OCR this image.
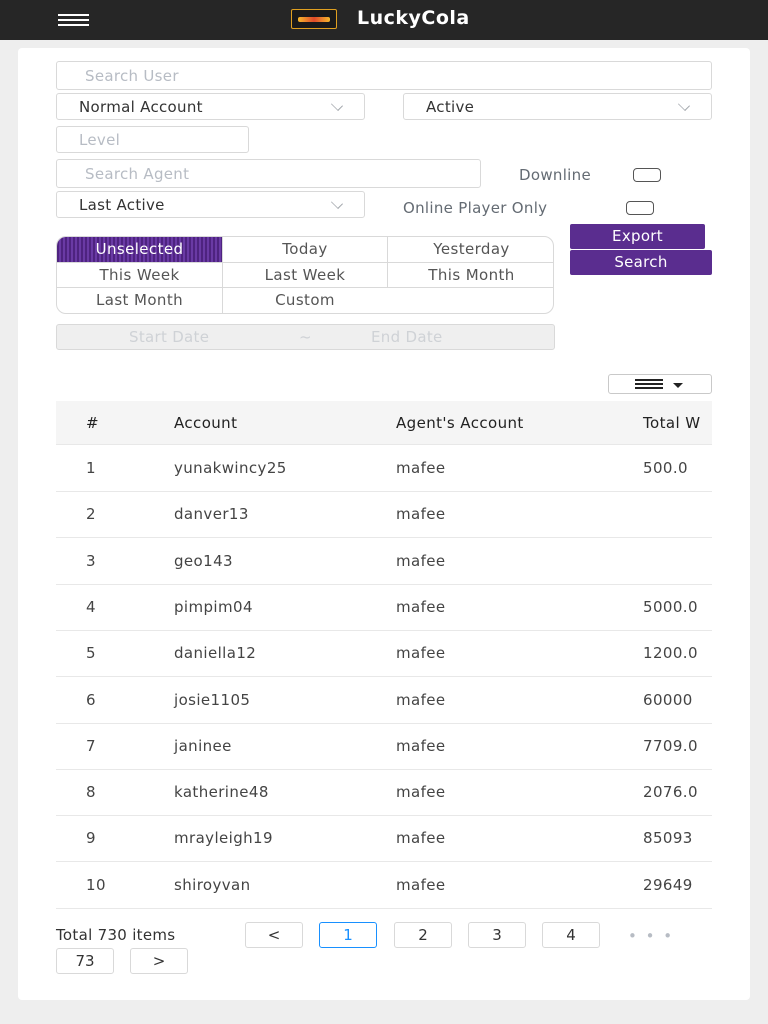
LuckyCola
Search User
Normal Account	Active
Level
Search Agent	Downline
Last Active	Online Player Only
Unselected	Today	Yesterday
This Week	Last Week	This Month
Last Month	Custom
Export
Search
Start Date	~	End Date
#	Account	Agent's Account	Total W
1	yunakwincy25	mafee	500.0
2	danver13	mafee
3	geo143	mafee
4	pimpim04	mafee	5000.0
5	daniella12	mafee	1200.0
6	josie1105	mafee	60000
7	janinee	mafee	7709.0
8	katherine48	mafee	2076.0
9	mrayleigh19	mafee	85093
10	shiroyvan	mafee	29649
Total 730 items	<	1	2	3	4	• • •
73	>
